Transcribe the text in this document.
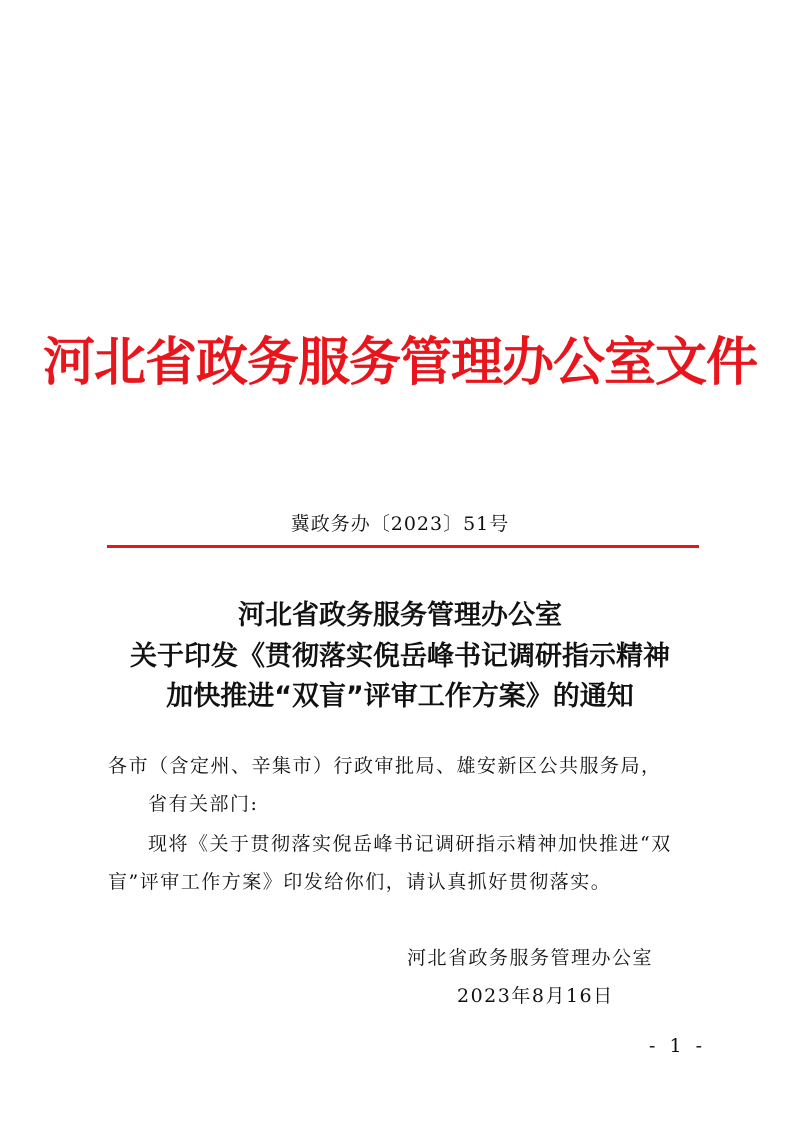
河北省政务服务管理办公室文件
冀政务办〔2023〕51号
河北省政务服务管理办公室
关于印发《贯彻落实倪岳峰书记调研指示精神
加快推进“双盲”评审工作方案》的通知
各市（含定州、辛集市）行政审批局、雄安新区公共服务局，
省有关部门:
现将《关于贯彻落实倪岳峰书记调研指示精神加快推进“双
盲”评审工作方案》印发给你们，请认真抓好贯彻落实。
河北省政务服务管理办公室
2023年8月16日
- 1 -
